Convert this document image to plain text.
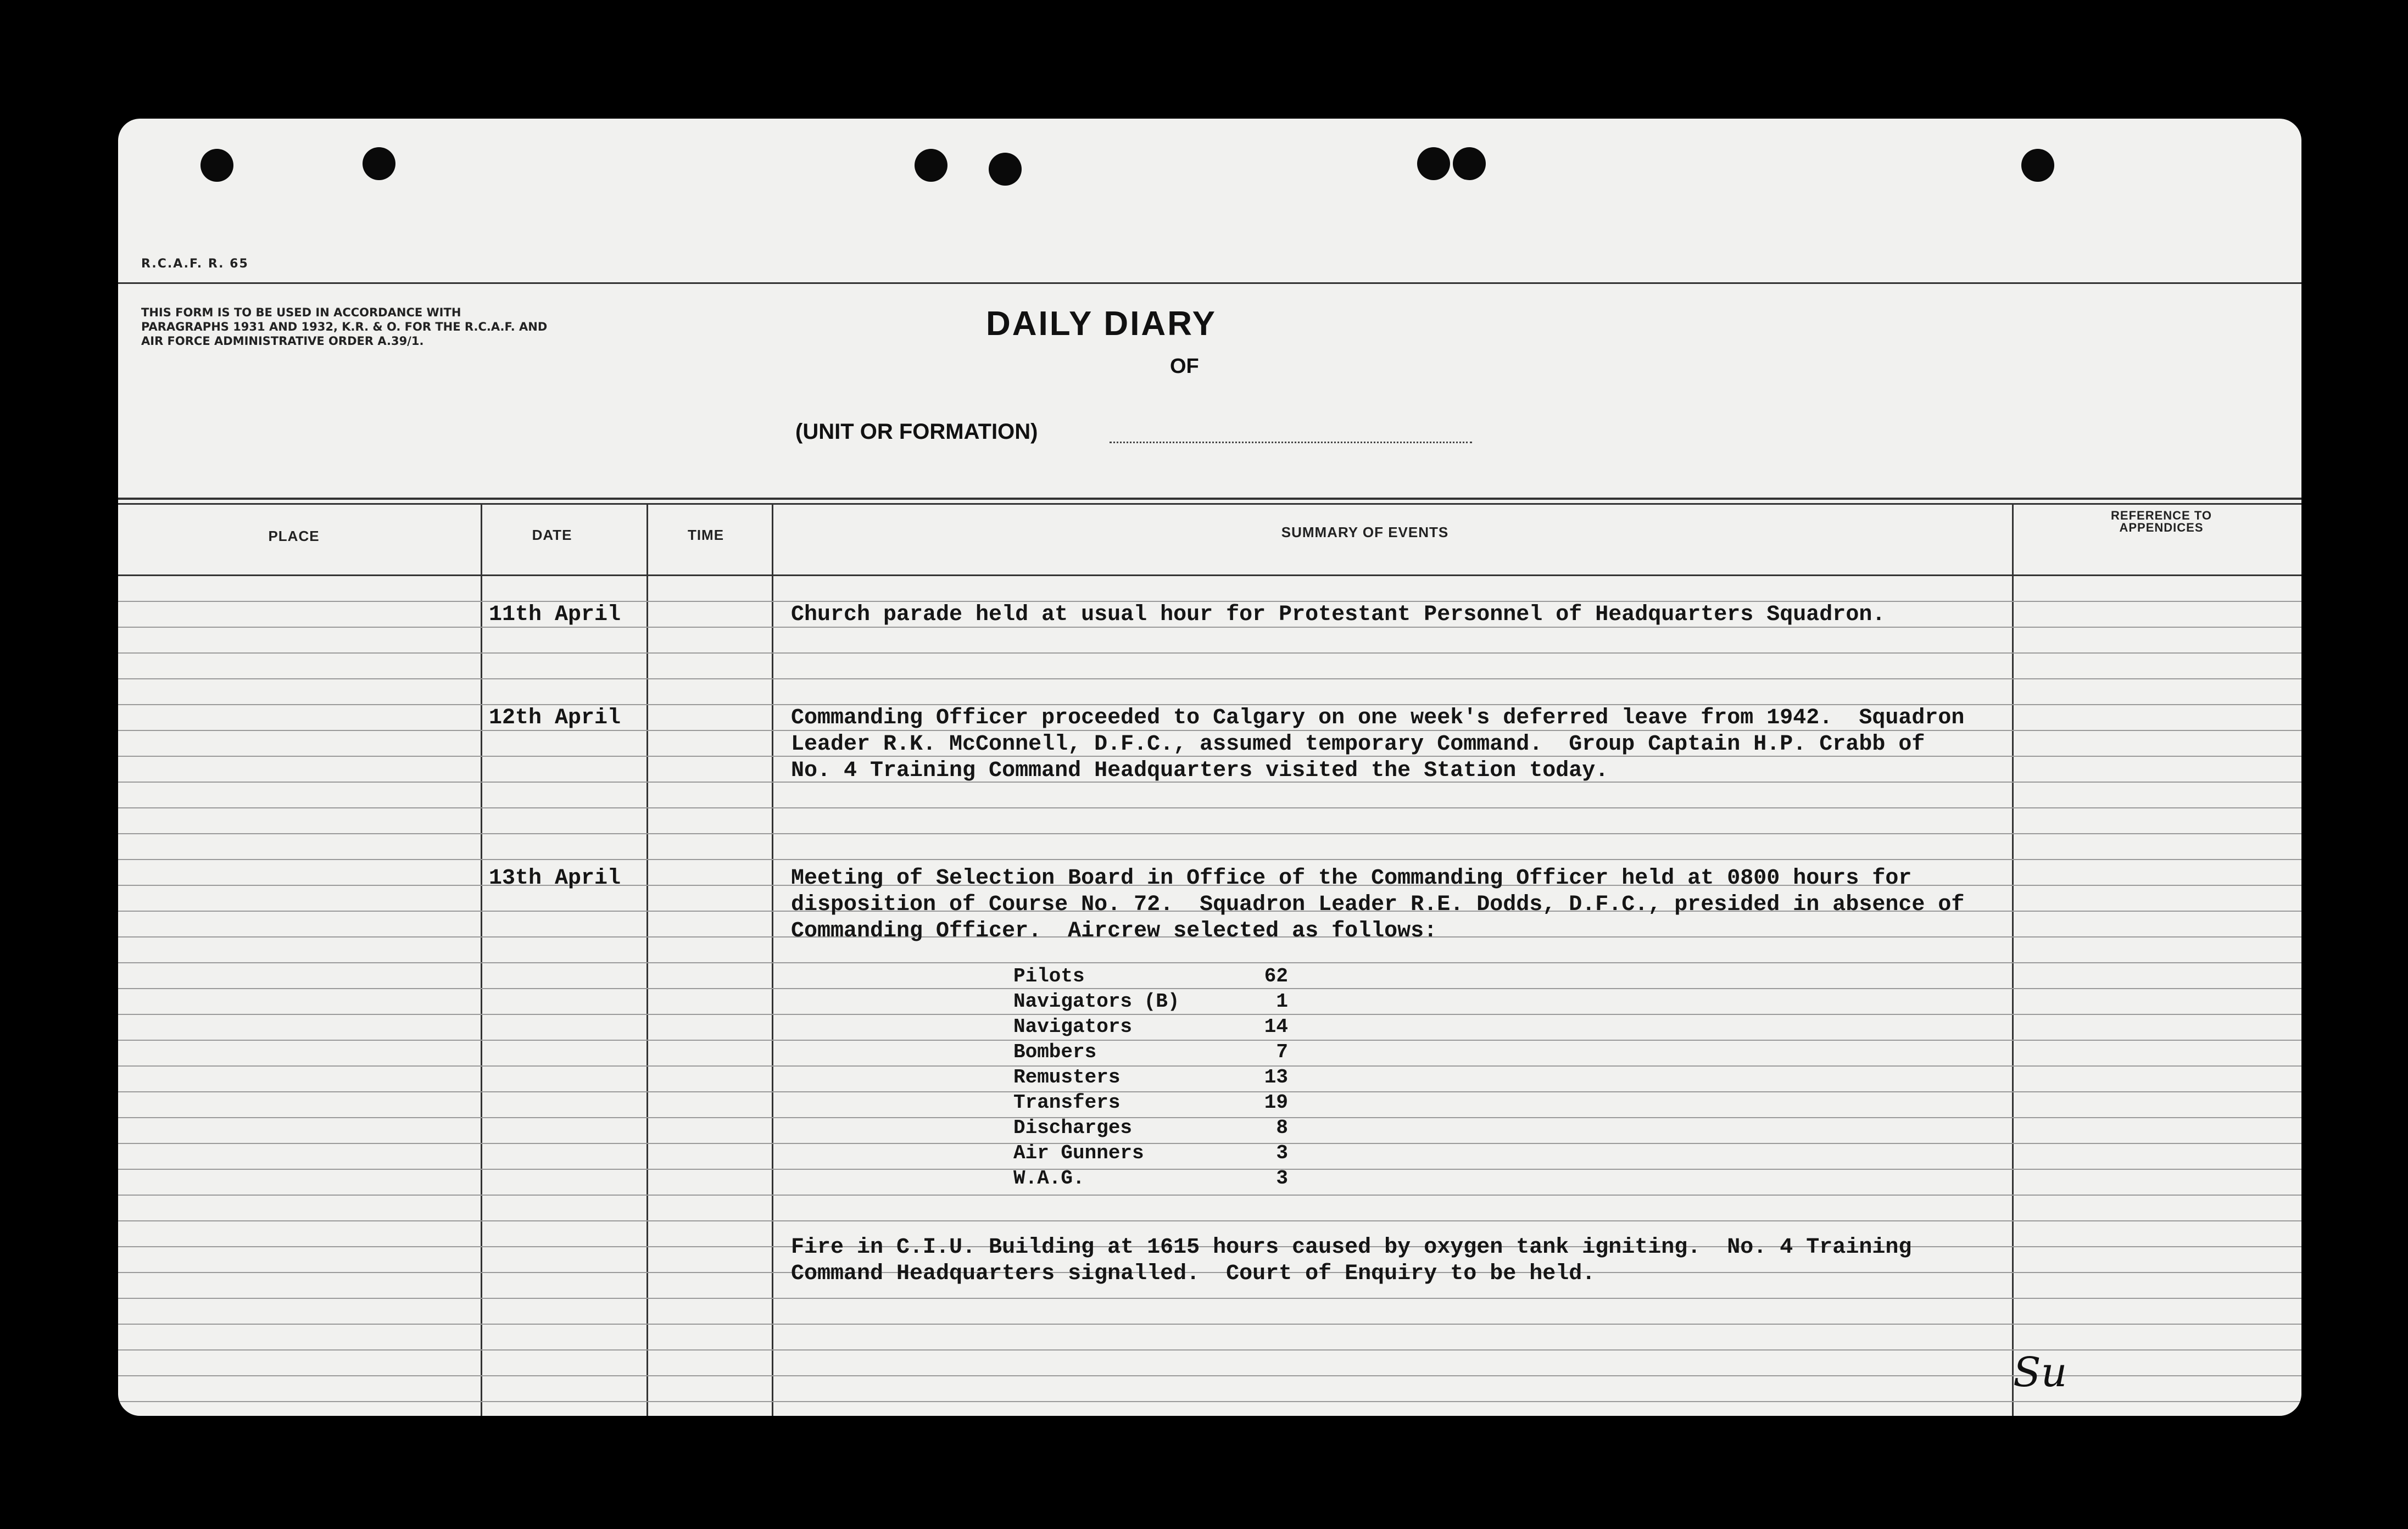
R.C.A.F. R. 65
THIS FORM IS TO BE USED IN ACCORDANCE WITH PARAGRAPHS 1931 AND 1932, K.R. & O. FOR THE R.C.A.F. AND AIR FORCE ADMINISTRATIVE ORDER A.39/1.	DAILY DIARY
OF
(UNIT OR FORMATION)
PLACE	DATE	TIME	SUMMARY OF EVENTS
REFERENCE TO APPENDICES
11th April	Church parade held at usual hour for Protestant Personnel of Headquarters Squadron.
12th April	Commanding Officer proceeded to Calgary on one week's deferred leave from 1942.  Squadron
Leader R.K. McConnell, D.F.C., assumed temporary Command.  Group Captain H.P. Crabb of
No. 4 Training Command Headquarters visited the Station today.
13th April	Meeting of Selection Board in Office of the Commanding Officer held at 0800 hours for
disposition of Course No. 72.  Squadron Leader R.E. Dodds, D.F.C., presided in absence of
Commanding Officer.  Aircrew selected as follows:
Pilots	62
Navigators (B)	1
Navigators	14
Bombers	7
Remusters	13
Transfers	19
Discharges	8
Air Gunners	3
W.A.G.	3
Fire in C.I.U. Building at 1615 hours caused by oxygen tank igniting.  No. 4 Training
Command Headquarters signalled.  Court of Enquiry to be held.
Su
